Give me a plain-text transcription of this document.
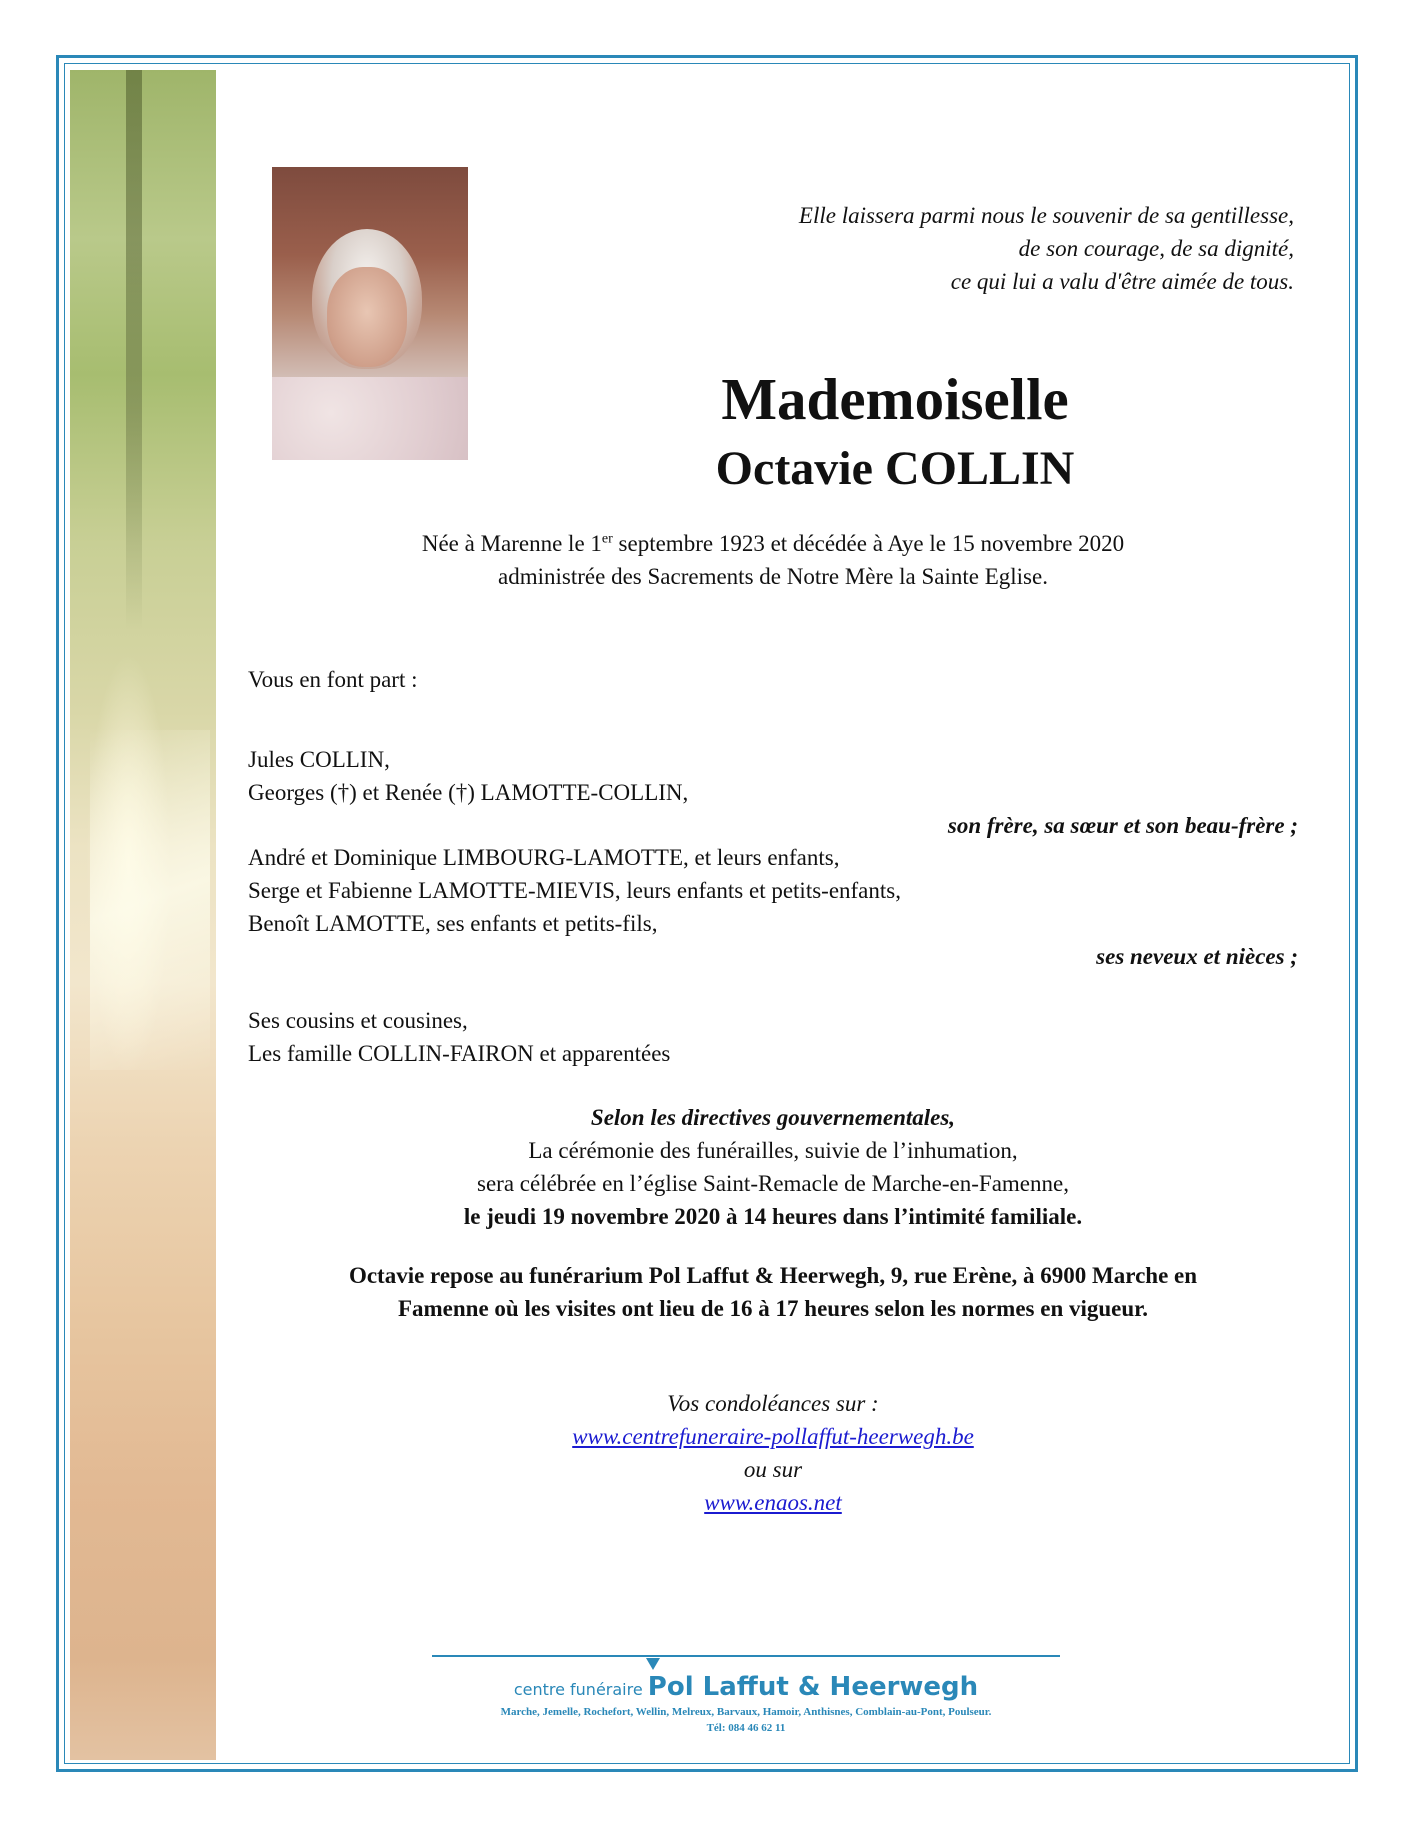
Elle laissera parmi nous le souvenir de sa gentillesse,
de son courage, de sa dignité,
ce qui lui a valu d'être aimée de tous.
Mademoiselle
Octavie COLLIN
Née à Marenne le 1er septembre 1923 et décédée à Aye le 15 novembre 2020
administrée des Sacrements de Notre Mère la Sainte Eglise.
Vous en font part :
Jules COLLIN,
Georges (†) et Renée (†) LAMOTTE-COLLIN,
son frère, sa sœur et son beau-frère ;
André et Dominique LIMBOURG-LAMOTTE, et leurs enfants,
Serge et Fabienne LAMOTTE-MIEVIS, leurs enfants et petits-enfants,
Benoît LAMOTTE, ses enfants et petits-fils,
ses neveux et nièces ;
Ses cousins et cousines,
Les famille COLLIN-FAIRON et apparentées
Selon les directives gouvernementales,
La cérémonie des funérailles, suivie de l’inhumation,
sera célébrée en l’église Saint-Remacle de Marche-en-Famenne,
le jeudi 19 novembre 2020 à 14 heures dans l’intimité familiale.
Octavie repose au funérarium Pol Laffut & Heerwegh, 9, rue Erène, à 6900 Marche en
Famenne où les visites ont lieu de 16 à 17 heures selon les normes en vigueur.
Vos condoléances sur :
www.centrefuneraire-pollaffut-heerwegh.be
ou sur
www.enaos.net
centre funéraire Pol Laffut & Heerwegh
Marche, Jemelle, Rochefort, Wellin, Melreux, Barvaux, Hamoir, Anthisnes, Comblain-au-Pont, Poulseur.
Tél: 084 46 62 11
